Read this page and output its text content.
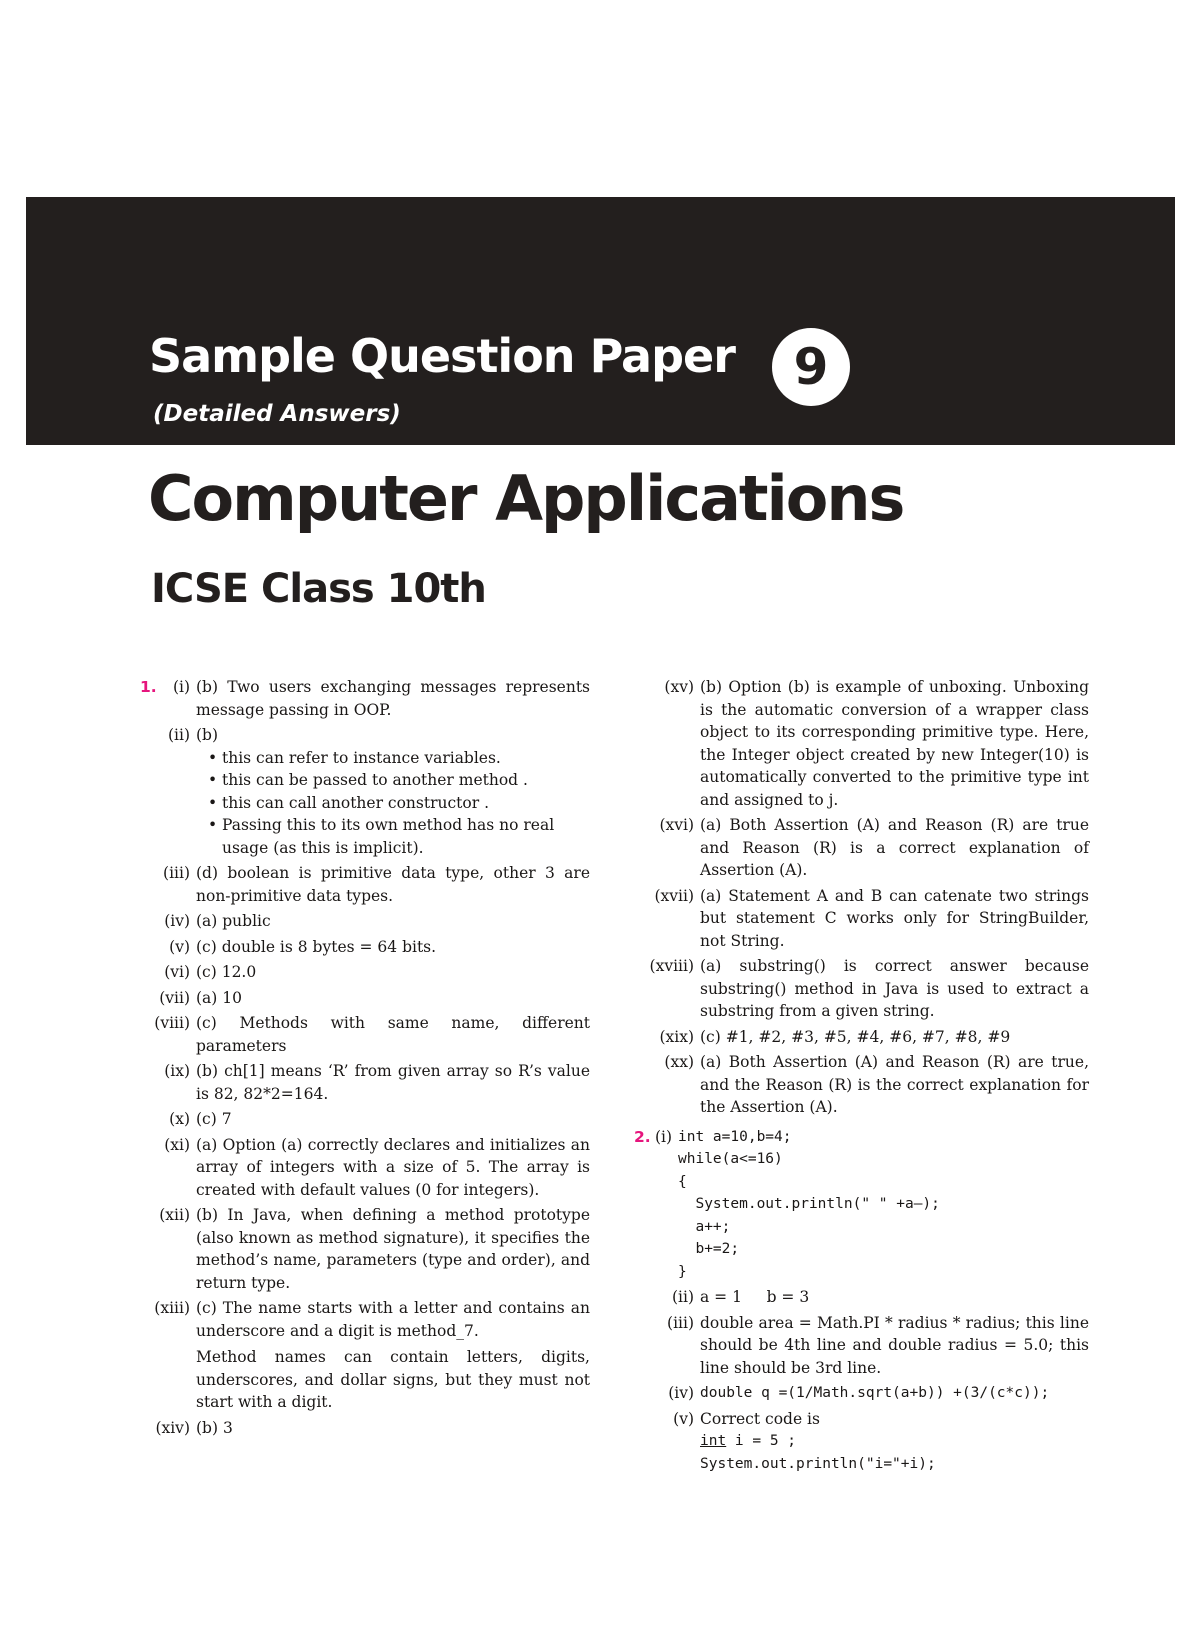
Sample Question Paper	9
(Detailed Answers)
Computer Applications
ICSE Class 10th
1.	(i) (b) Two users exchanging messages represents message passing in OOP.
(ii) (b)
• this can refer to instance variables.
• this can be passed to another method .
• this can call another constructor .
• Passing this to its own method has no real usage (as this is implicit).
(iii) (d) boolean is primitive data type, other 3 are non-primitive data types.
(iv) (a) public
(v) (c) double is 8 bytes = 64 bits.
(vi) (c) 12.0
(vii) (a) 10
(viii) (c) Methods with same name, different parameters
(ix) (b) ch[1] means ‘R’ from given array so R’s value is 82, 82*2=164.
(x) (c) 7
(xi) (a) Option (a) correctly declares and initializes an array of integers with a size of 5. The array is created with default values (0 for integers).
(xii) (b) In Java, when defining a method prototype (also known as method signature), it specifies the method’s name, parameters (type and order), and return type.
(xiii) (c) The name starts with a letter and contains an underscore and a digit is method_7.
Method names can contain letters, digits, underscores, and dollar signs, but they must not start with a digit.
(xiv) (b) 3
(xv) (b) Option (b) is example of unboxing. Unboxing is the automatic conversion of a wrapper class object to its corresponding primitive type. Here, the Integer object created by new Integer(10) is automatically converted to the primitive type int and assigned to j.
(xvi) (a) Both Assertion (A) and Reason (R) are true and Reason (R) is a correct explanation of Assertion (A).
(xvii) (a) Statement A and B can catenate two strings but statement C works only for StringBuilder, not String.
(xviii) (a) substring() is correct answer because substring() method in Java is used to extract a substring from a given string.
(xix) (c) #1, #2, #3, #5, #4, #6, #7, #8, #9
(xx) (a) Both Assertion (A) and Reason (R) are true, and the Reason (R) is the correct explanation for the Assertion (A).
2. (i) int a=10,b=4;
while(a<=16)
{
System.out.println(" " +a—);
a++;
b+=2;
}
(ii) a = 1     b = 3
(iii) double area = Math.PI * radius * radius; this line should be 4th line and double radius = 5.0; this line should be 3rd line.
(iv) double q =(1/Math.sqrt(a+b)) +(3/(c*c));
(v) Correct code is
int i = 5 ;
System.out.println("i="+i);
